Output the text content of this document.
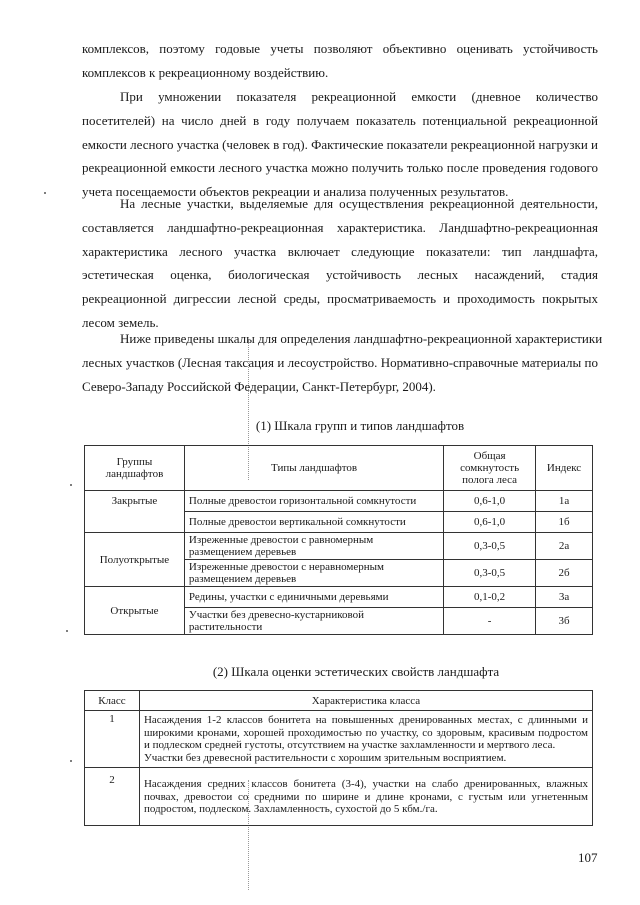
комплексов, поэтому годовые учеты позволяют объективно оценивать устойчивость
комплексов к рекреационному воздействию.
При умножении показателя рекреационной емкости (дневное количество
посетителей) на число дней в году получаем показатель потенциальной рекреационной
емкости лесного участка (человек в год). Фактические показатели рекреационной нагрузки и
рекреационной емкости лесного участка можно получить только после проведения годового
учета посещаемости объектов рекреации и анализа полученных результатов.
На лесные участки, выделяемые для осуществления рекреационной деятельности,
составляется ландшафтно-рекреационная характеристика. Ландшафтно-рекреационная
характеристика лесного участка включает следующие показатели: тип ландшафта,
эстетическая оценка, биологическая устойчивость лесных насаждений, стадия
рекреационной дигрессии лесной среды, просматриваемость и проходимость покрытых
лесом земель.
Ниже приведены шкалы для определения ландшафтно-рекреационной характеристики
лесных участков (Лесная таксация и лесоустройство. Нормативно-справочные материалы по
Северо-Западу Российской Федерации, Санкт-Петербург, 2004).

(1) Шкала групп и типов ландшафтов

Группы ландшафтов	Типы ландшафтов	Общая сомкнутость полога леса	Индекс
Закрытые	Полные древостои горизонтальной сомкнутости	0,6-1,0	1а
	Полные древостои вертикальной сомкнутости	0,6-1,0	1б
Полуоткрытые	Изреженные древостои с равномерным размещением деревьев	0,3-0,5	2а
	Изреженные древостои с неравномерным размещением деревьев	0,3-0,5	2б
Открытые	Редины, участки с единичными деревьями	0,1-0,2	3а
	Участки без древесно-кустарниковой растительности	-	3б

(2) Шкала оценки эстетических свойств ландшафта

Класс	Характеристика класса
1	Насаждения 1-2 классов бонитета на повышенных дренированных местах, с длинными и широкими кронами, хорошей проходимостью по участку, со здоровым, красивым подростом и подлеском средней густоты, отсутствием на участке захламленности и мертвого леса.
Участки без древесной растительности с хорошим зрительным восприятием.

2	Насаждения средних классов бонитета (3-4), участки на слабо дренированных, влажных почвах, древостои со средними по ширине и длине кронами, с густым или угнетенным подростом, подлеском. Захламленность, сухостой до 5 кбм./га.
107
